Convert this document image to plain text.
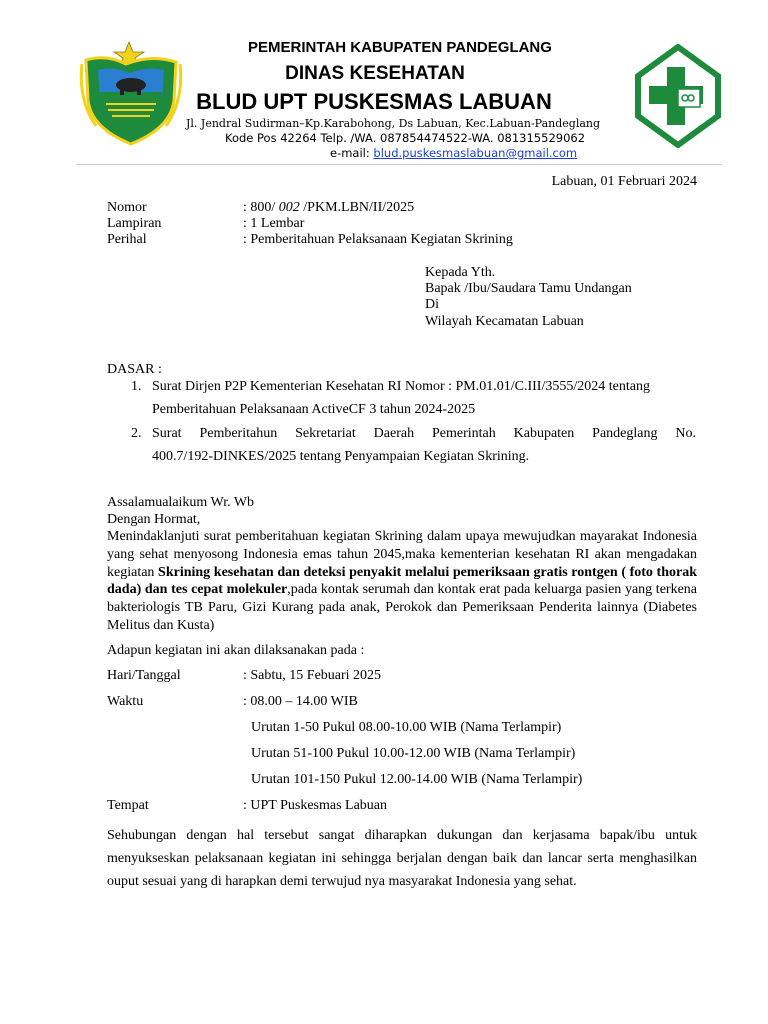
PEMERINTAH KABUPATEN PANDEGLANG
DINAS KESEHATAN
BLUD UPT PUSKESMAS LABUAN
Jl. Jendral Sudirman–Kp.Karabohong, Ds Labuan, Kec.Labuan-Pandeglang
Kode Pos 42264 Telp. /WA. 087854474522-WA. 081315529062
e-mail: blud.puskesmaslabuan@gmail.com
Labuan, 01 Februari 2024
Nomor	: 800/ 002 /PKM.LBN/II/2025
Lampiran	: 1 Lembar
Perihal	: Pemberitahuan Pelaksanaan Kegiatan Skrining
Kepada Yth.
Bapak /Ibu/Saudara Tamu Undangan
Di
Wilayah Kecamatan Labuan
DASAR :
1. Surat Dirjen P2P Kementerian Kesehatan RI Nomor : PM.01.01/C.III/3555/2024 tentang
Pemberitahuan Pelaksanaan ActiveCF 3 tahun 2024-2025
2. Surat Pemberitahun Sekretariat Daerah Pemerintah Kabupaten Pandeglang No.
400.7/192-DINKES/2025 tentang Penyampaian Kegiatan Skrining.
Assalamualaikum Wr. Wb
Dengan Hormat,
Menindaklanjuti surat pemberitahuan kegiatan Skrining dalam upaya mewujudkan mayarakat Indonesia yang sehat menyosong Indonesia emas tahun 2045,maka kementerian kesehatan RI akan mengadakan kegiatan Skrining kesehatan dan deteksi penyakit melalui pemeriksaan gratis rontgen ( foto thorak dada) dan tes cepat molekuler,pada kontak serumah dan kontak erat pada keluarga pasien yang terkena bakteriologis TB Paru, Gizi Kurang pada anak, Perokok dan Pemeriksaan Penderita lainnya (Diabetes Melitus dan Kusta)
Adapun kegiatan ini akan dilaksanakan pada :
Hari/Tanggal	: Sabtu, 15 Febuari 2025
Waktu	: 08.00 – 14.00 WIB
Urutan 1-50 Pukul 08.00-10.00 WIB (Nama Terlampir)
Urutan 51-100 Pukul 10.00-12.00 WIB (Nama Terlampir)
Urutan 101-150 Pukul 12.00-14.00 WIB (Nama Terlampir)
Tempat	: UPT Puskesmas Labuan
Sehubungan dengan hal tersebut sangat diharapkan dukungan dan kerjasama bapak/ibu untuk menyukseskan pelaksanaan kegiatan ini sehingga berjalan dengan baik dan lancar serta menghasilkan ouput sesuai yang di harapkan demi terwujud nya masyarakat Indonesia yang sehat.
